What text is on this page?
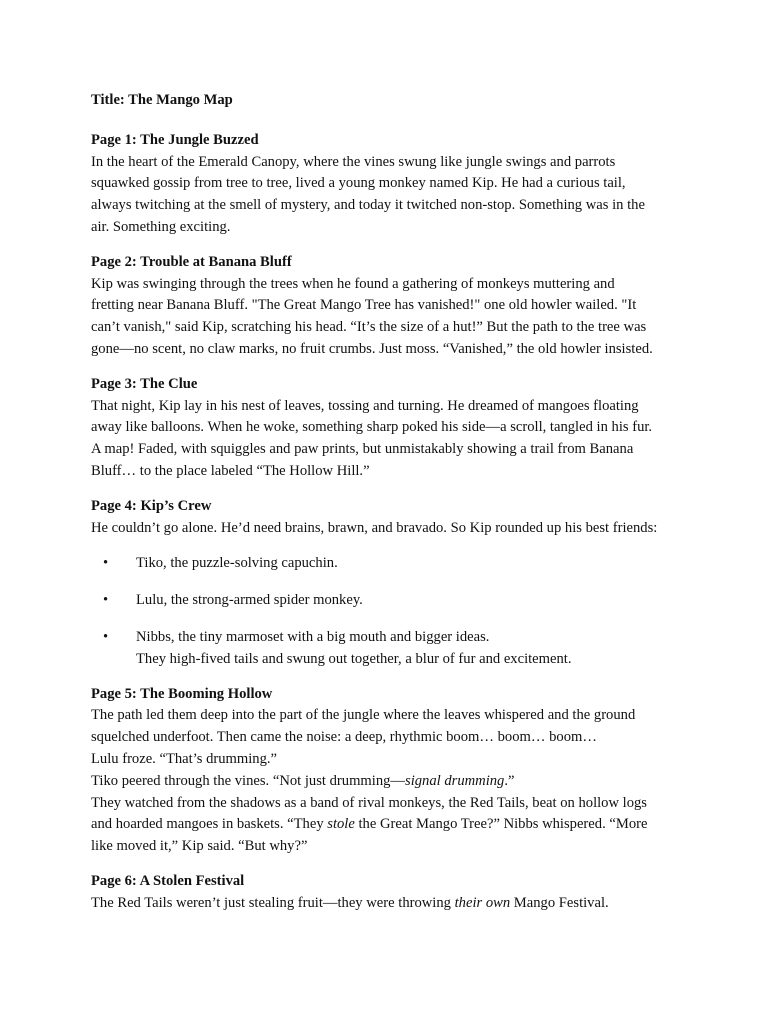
Title: The Mango Map

Page 1: The Jungle Buzzed

In the heart of the Emerald Canopy, where the vines swung like jungle swings and parrots
squawked gossip from tree to tree, lived a young monkey named Kip. He had a curious tail,
always twitching at the smell of mystery, and today it twitched non-stop. Something was in the
air. Something exciting.

Page 2: Trouble at Banana Bluff

Kip was swinging through the trees when he found a gathering of monkeys muttering and
fretting near Banana Bluff. "The Great Mango Tree has vanished!" one old howler wailed. "It
can’t vanish," said Kip, scratching his head. “It’s the size of a hut!” But the path to the tree was
gone—no scent, no claw marks, no fruit crumbs. Just moss. “Vanished,” the old howler insisted.

Page 3: The Clue

That night, Kip lay in his nest of leaves, tossing and turning. He dreamed of mangoes floating
away like balloons. When he woke, something sharp poked his side—a scroll, tangled in his fur.
A map! Faded, with squiggles and paw prints, but unmistakably showing a trail from Banana
Bluff… to the place labeled “The Hollow Hill.”

Page 4: Kip’s Crew

He couldn’t go alone. He’d need brains, brawn, and bravado. So Kip rounded up his best friends:

• Tiko, the puzzle-solving capuchin.
• Lulu, the strong-armed spider monkey.
• Nibbs, the tiny marmoset with a big mouth and bigger ideas.

They high-fived tails and swung out together, a blur of fur and excitement.

Page 5: The Booming Hollow

The path led them deep into the part of the jungle where the leaves whispered and the ground
squelched underfoot. Then came the noise: a deep, rhythmic boom… boom… boom…
Lulu froze. “That’s drumming.”
Tiko peered through the vines. “Not just drumming—signal drumming.”
They watched from the shadows as a band of rival monkeys, the Red Tails, beat on hollow logs
and hoarded mangoes in baskets. “They stole the Great Mango Tree?” Nibbs whispered. “More
like moved it,” Kip said. “But why?”

Page 6: A Stolen Festival

The Red Tails weren’t just stealing fruit—they were throwing their own Mango Festival.
